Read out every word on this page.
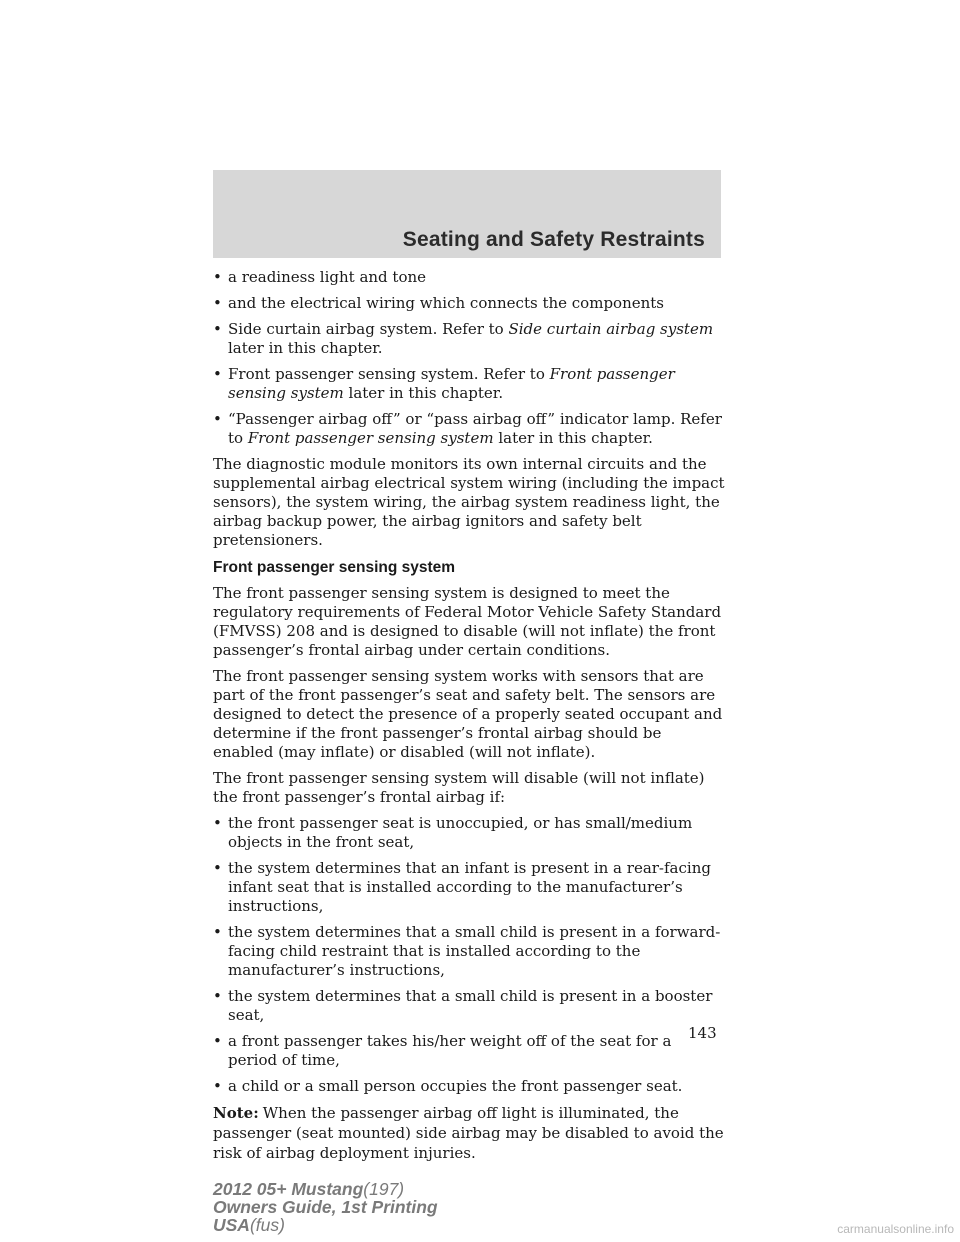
Seating and Safety Restraints
• a readiness light and tone
• and the electrical wiring which connects the components
• Side curtain airbag system. Refer to Side curtain airbag system later in this chapter.
• Front passenger sensing system. Refer to Front passenger sensing system later in this chapter.
• “Passenger airbag off” or “pass airbag off” indicator lamp. Refer to Front passenger sensing system later in this chapter.

The diagnostic module monitors its own internal circuits and the supplemental airbag electrical system wiring (including the impact sensors), the system wiring, the airbag system readiness light, the airbag backup power, the airbag ignitors and safety belt pretensioners.

Front passenger sensing system

The front passenger sensing system is designed to meet the regulatory requirements of Federal Motor Vehicle Safety Standard (FMVSS) 208 and is designed to disable (will not inflate) the front passenger’s frontal airbag under certain conditions.

The front passenger sensing system works with sensors that are part of the front passenger’s seat and safety belt. The sensors are designed to detect the presence of a properly seated occupant and determine if the front passenger’s frontal airbag should be enabled (may inflate) or disabled (will not inflate).

The front passenger sensing system will disable (will not inflate) the front passenger’s frontal airbag if:

• the front passenger seat is unoccupied, or has small/medium objects in the front seat,
• the system determines that an infant is present in a rear-facing infant seat that is installed according to the manufacturer’s instructions,
• the system determines that a small child is present in a forward-facing child restraint that is installed according to the manufacturer’s instructions,
• the system determines that a small child is present in a booster seat,
• a front passenger takes his/her weight off of the seat for a period of time,
• a child or a small person occupies the front passenger seat.

Note: When the passenger airbag off light is illuminated, the passenger (seat mounted) side airbag may be disabled to avoid the risk of airbag deployment injuries.

143
2012 05+ Mustang(197)
Owners Guide, 1st Printing
USA(fus)	carmanualsonline.info
